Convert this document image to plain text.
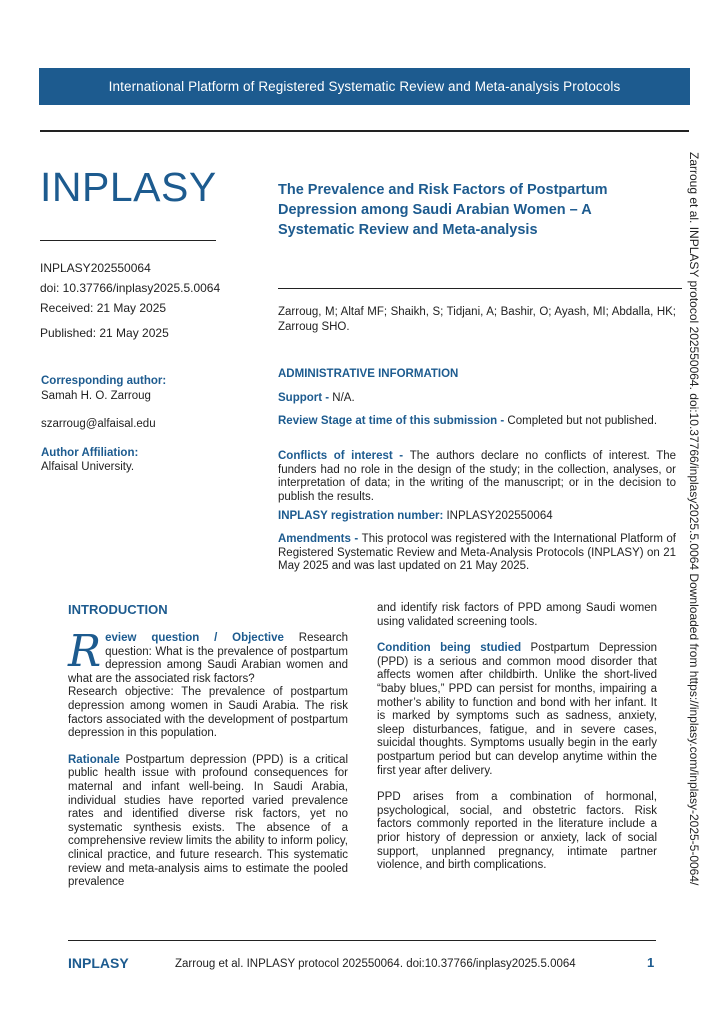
International Platform of Registered Systematic Review and Meta-analysis Protocols
INPLASY
INPLASY202550064
doi: 10.37766/inplasy2025.5.0064
Received: 21 May 2025
Published: 21 May 2025
The Prevalence and Risk Factors of Postpartum Depression among Saudi Arabian Women – A Systematic Review and Meta-analysis
Zarroug, M; Altaf MF; Shaikh, S; Tidjani, A; Bashir, O; Ayash, MI; Abdalla, HK; Zarroug SHO.
Corresponding author:
Samah H. O. Zarroug
szarroug@alfaisal.edu
Author Affiliation:
Alfaisal University.
ADMINISTRATIVE INFORMATION
Support - N/A.
Review Stage at time of this submission - Completed but not published.
Conflicts of interest - The authors declare no conflicts of interest. The funders had no role in the design of the study; in the collection, analyses, or interpretation of data; in the writing of the manuscript; or in the decision to publish the results.
INPLASY registration number: INPLASY202550064
Amendments - This protocol was registered with the International Platform of Registered Systematic Review and Meta-Analysis Protocols (INPLASY) on 21 May 2025 and was last updated on 21 May 2025.
INTRODUCTION

Review question / Objective Research question: What is the prevalence of postpartum depression among Saudi Arabian women and what are the associated risk factors?

Research objective: The prevalence of postpartum depression among women in Saudi Arabia. The risk factors associated with the development of postpartum depression in this population.

Rationale Postpartum depression (PPD) is a critical public health issue with profound consequences for maternal and infant well-being. In Saudi Arabia, individual studies have reported varied prevalence rates and identified diverse risk factors, yet no systematic synthesis exists. The absence of a comprehensive review limits the ability to inform policy, clinical practice, and future research. This systematic review and meta-analysis aims to estimate the pooled prevalence

and identify risk factors of PPD among Saudi women using validated screening tools.

Condition being studied Postpartum Depression (PPD) is a serious and common mood disorder that affects women after childbirth. Unlike the short-lived “baby blues,” PPD can persist for months, impairing a mother’s ability to function and bond with her infant. It is marked by symptoms such as sadness, anxiety, sleep disturbances, fatigue, and in severe cases, suicidal thoughts. Symptoms usually begin in the early postpartum period but can develop anytime within the first year after delivery.

PPD arises from a combination of hormonal, psychological, social, and obstetric factors. Risk factors commonly reported in the literature include a prior history of depression or anxiety, lack of social support, unplanned pregnancy, intimate partner violence, and birth complications.	Zarroug et al. INPLASY protocol 202550064. doi:10.37766/inplasy2025.5.0064 Downloaded from https://inplasy.com/inplasy-2025-5-0064/
INPLASY	Zarroug et al. INPLASY protocol 202550064. doi:10.37766/inplasy2025.5.0064	1
